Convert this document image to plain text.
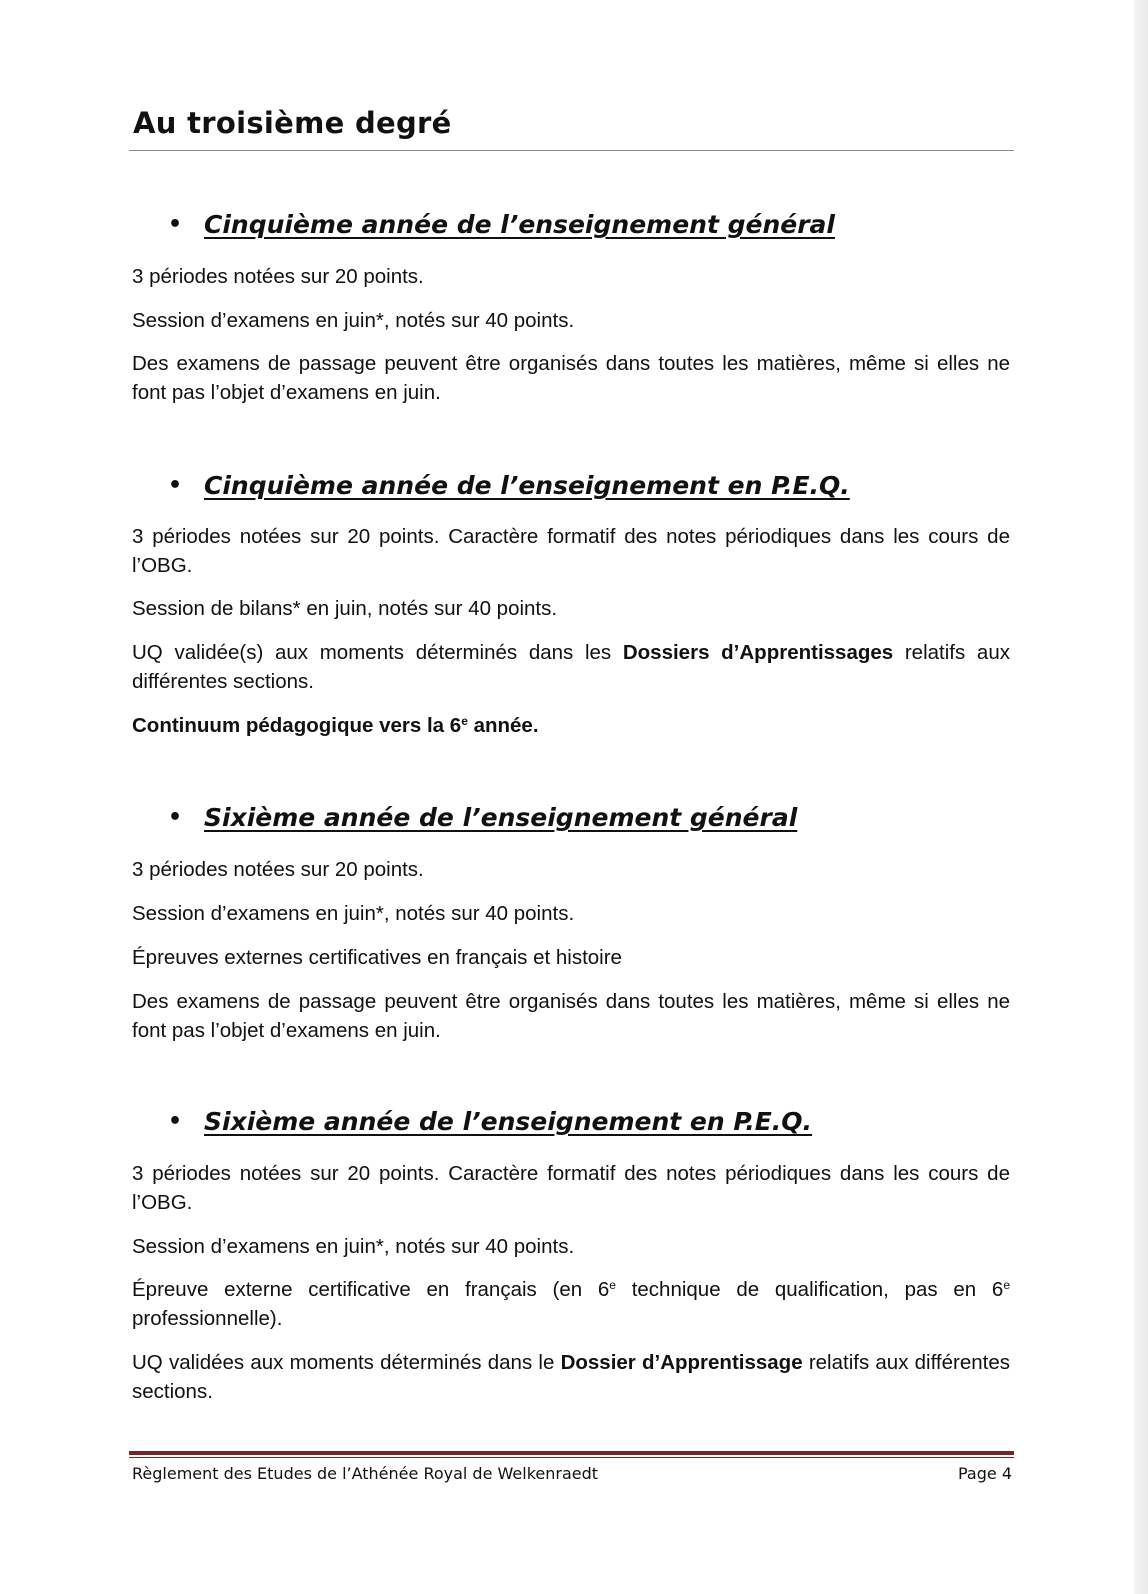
Au troisième degré
• Cinquième année de l’enseignement général
3 périodes notées sur 20 points.
Session d’examens en juin*, notés sur 40 points.
Des examens de passage peuvent être organisés dans toutes les matières, même si elles ne font pas l’objet d’examens en juin.
• Cinquième année de l’enseignement en P.E.Q.
3 périodes notées sur 20 points. Caractère formatif des notes périodiques dans les cours de l’OBG.
Session de bilans* en juin, notés sur 40 points.
UQ validée(s) aux moments déterminés dans les Dossiers d’Apprentissages relatifs aux différentes sections.
Continuum pédagogique vers la 6e année.
• Sixième année de l’enseignement général
3 périodes notées sur 20 points.
Session d’examens en juin*, notés sur 40 points.
Épreuves externes certificatives en français et histoire
Des examens de passage peuvent être organisés dans toutes les matières, même si elles ne font pas l’objet d’examens en juin.
• Sixième année de l’enseignement en P.E.Q.
3 périodes notées sur 20 points. Caractère formatif des notes périodiques dans les cours de l’OBG.
Session d’examens en juin*, notés sur 40 points.
Épreuve externe certificative en français (en 6e technique de qualification, pas en 6e professionnelle).
UQ validées aux moments déterminés dans le Dossier d’Apprentissage relatifs aux différentes sections.
Règlement des Etudes de l’Athénée Royal de Welkenraedt	Page 4
